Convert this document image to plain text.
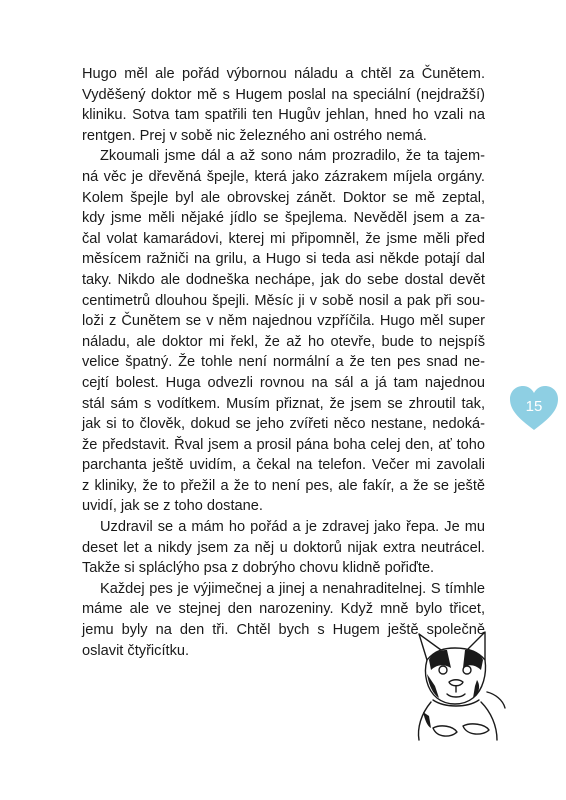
Hugo měl ale pořád výbornou náladu a chtěl za Čunětem.
Vyděšený doktor mě s Hugem poslal na speciální (nejdražší)
kliniku. Sotva tam spatřili ten Hugův jehlan, hned ho vzali na
rentgen. Prej v sobě nic železného ani ostrého nemá.
Zkoumali jsme dál a až sono nám prozradilo, že ta tajem-
ná věc je dřevěná špejle, která jako zázrakem míjela orgány.
Kolem špejle byl ale obrovskej zánět. Doktor se mě zeptal,
kdy jsme měli nějaké jídlo se špejlema. Nevěděl jsem a za-
čal volat kamarádovi, kterej mi připomněl, že jsme měli před
měsícem ražniči na grilu, a Hugo si teda asi někde potají dal
taky. Nikdo ale dodneška nechápe, jak do sebe dostal devět
centimetrů dlouhou špejli. Měsíc ji v sobě nosil a pak při sou-
loži z Čunětem se v něm najednou vzpříčila. Hugo měl super
náladu, ale doktor mi řekl, že až ho otevře, bude to nejspíš
velice špatný. Že tohle není normální a že ten pes snad ne-
cejtí bolest. Huga odvezli rovnou na sál a já tam najednou
stál sám s vodítkem. Musím přiznat, že jsem se zhroutil tak,
jak si to člověk, dokud se jeho zvířeti něco nestane, nedoká-
že představit. Řval jsem a prosil pána boha celej den, ať toho
parchanta ještě uvidím, a čekal na telefon. Večer mi zavolali
z kliniky, že to přežil a že to není pes, ale fakír, a že se ještě
uvidí, jak se z toho dostane.
Uzdravil se a mám ho pořád a je zdravej jako řepa. Je mu
deset let a nikdy jsem za něj u doktorů nijak extra neutrácel.
Takže si spláclýho psa z dobrýho chovu klidně pořiďte.
Každej pes je výjimečnej a jinej a nenahraditelnej. S tímhle
máme ale ve stejnej den narozeniny. Když mně bylo třicet,
jemu byly na den tři. Chtěl bych s Hugem ještě společně
oslavit čtyřicítku.
15
